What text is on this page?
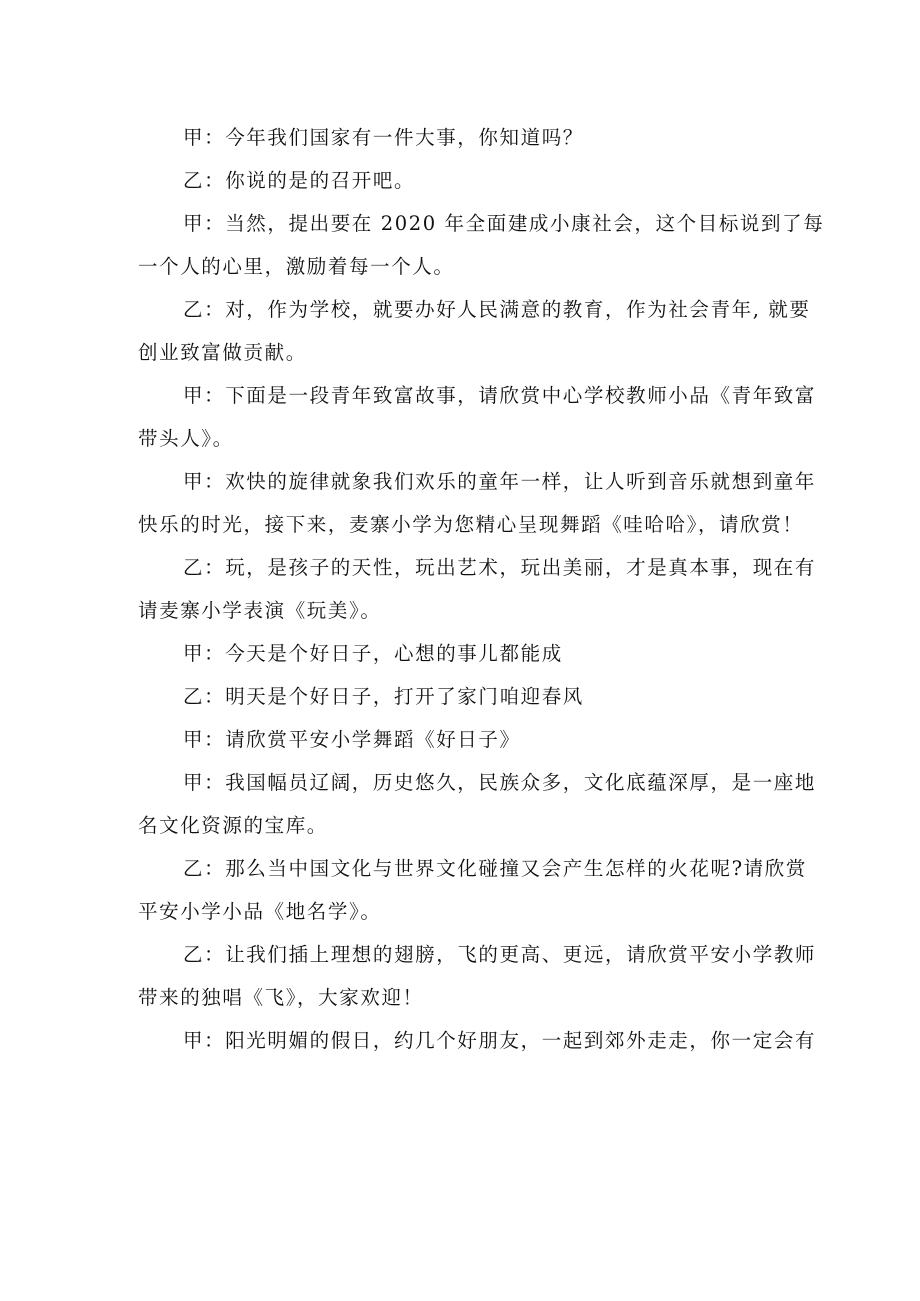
甲：今年我们国家有一件大事，你知道吗？

乙：你说的是的召开吧。

甲：当然，提出要在 2020 年全面建成小康社会，这个目标说到了每
一个人的心里，激励着每一个人。

乙：对，作为学校，就要办好人民满意的教育，作为社会青年, 就要
创业致富做贡献。

甲：下面是一段青年致富故事，请欣赏中心学校教师小品《青年致富
带头人》。

甲：欢快的旋律就象我们欢乐的童年一样，让人听到音乐就想到童年
快乐的时光，接下来，麦寨小学为您精心呈现舞蹈《哇哈哈》，请欣赏！

乙：玩，是孩子的天性，玩出艺术，玩出美丽，才是真本事，现在有
请麦寨小学表演《玩美》。

甲：今天是个好日子，心想的事儿都能成

乙：明天是个好日子，打开了家门咱迎春风

甲：请欣赏平安小学舞蹈《好日子》

甲：我国幅员辽阔，历史悠久，民族众多，文化底蕴深厚，是一座地
名文化资源的宝库。

乙：那么当中国文化与世界文化碰撞又会产生怎样的火花呢?请欣赏
平安小学小品《地名学》。

乙：让我们插上理想的翅膀，飞的更高、更远，请欣赏平安小学教师
带来的独唱《飞》，大家欢迎！

甲：阳光明媚的假日，约几个好朋友，一起到郊外走走，你一定会有
